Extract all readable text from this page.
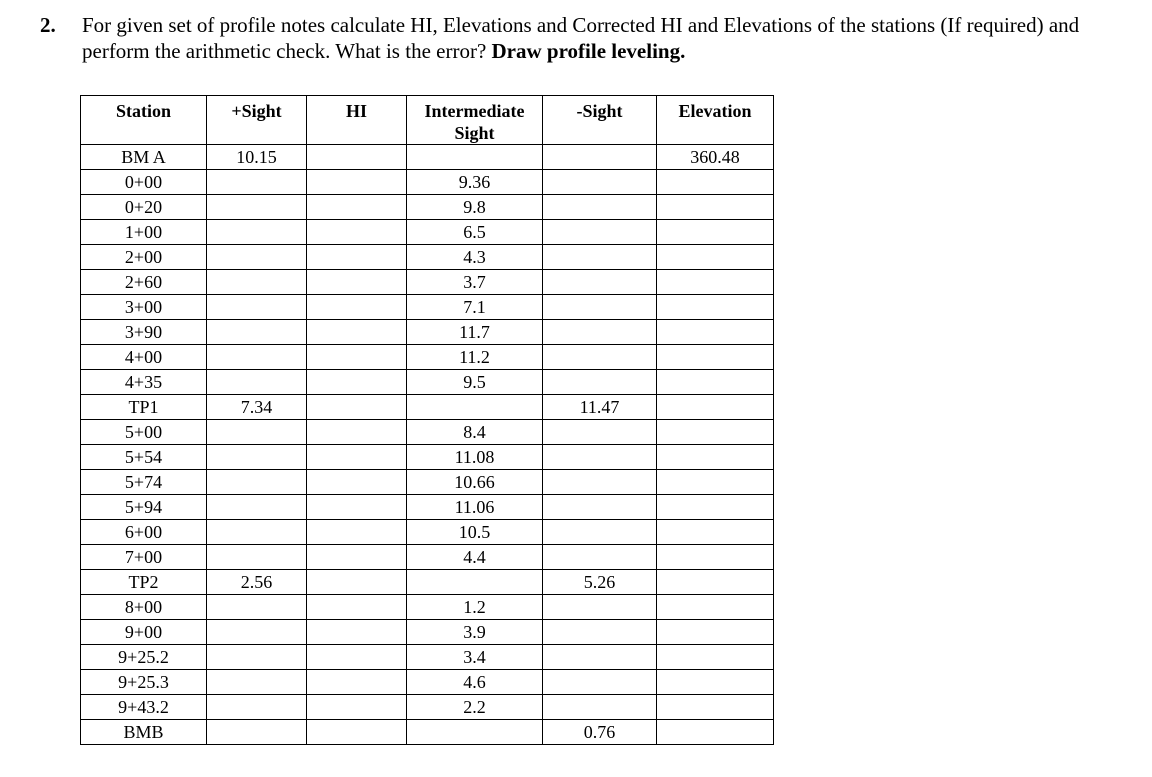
2. For given set of profile notes calculate HI, Elevations and Corrected HI and Elevations of the stations (If required) and perform the arithmetic check. What is the error? Draw profile leveling.
Station	+Sight	HI	Intermediate Sight	-Sight	Elevation
BM A	10.15				360.48
0+00			9.36		
0+20			9.8		
1+00			6.5		
2+00			4.3		
2+60			3.7		
3+00			7.1		
3+90			11.7		
4+00			11.2		
4+35			9.5		
TP1	7.34			11.47	
5+00			8.4		
5+54			11.08		
5+74			10.66		
5+94			11.06		
6+00			10.5		
7+00			4.4		
TP2	2.56			5.26	
8+00			1.2		
9+00			3.9		
9+25.2			3.4		
9+25.3			4.6		
9+43.2			2.2		
BMB				0.76	
